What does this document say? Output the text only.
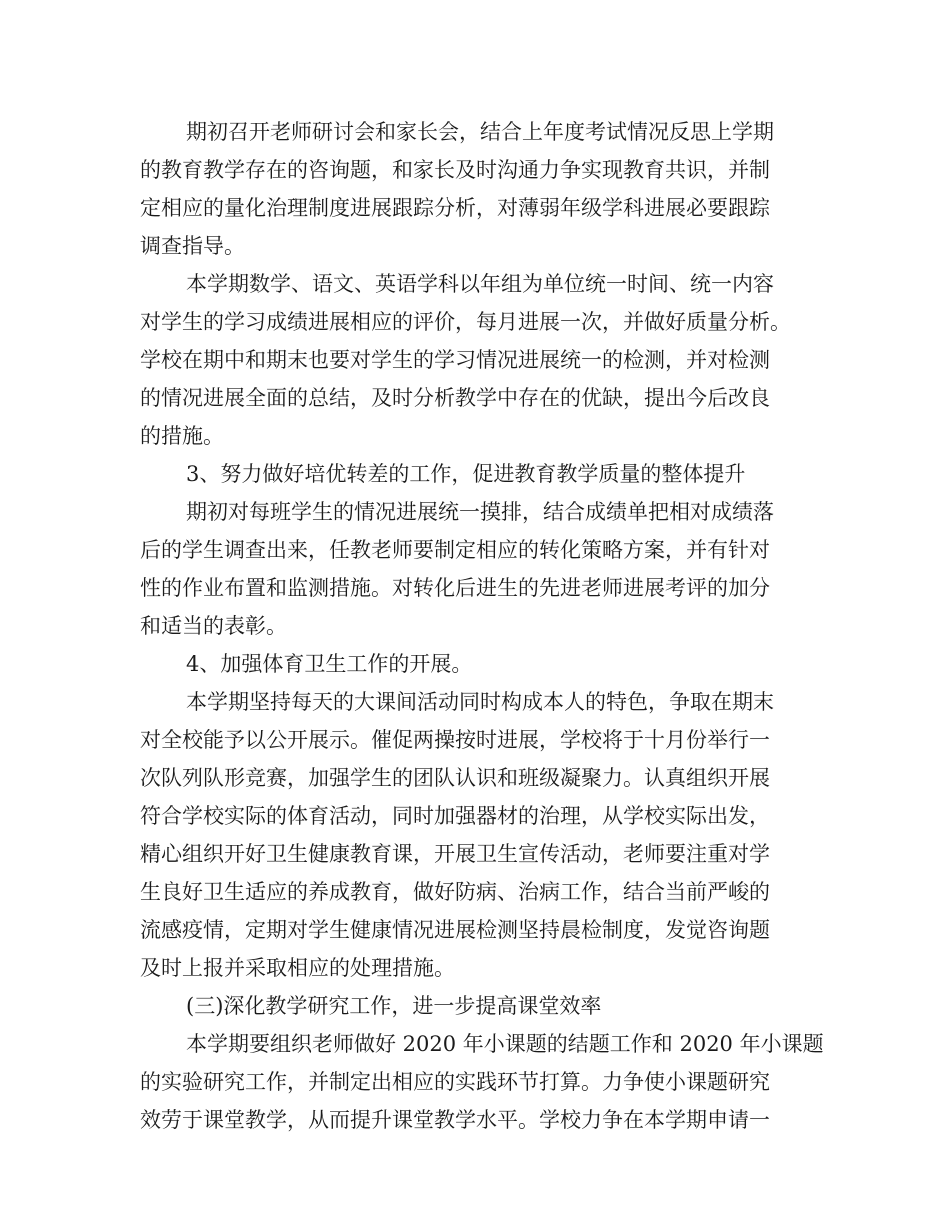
期初召开老师研讨会和家长会，结合上年度考试情况反思上学期
的教育教学存在的咨询题，和家长及时沟通力争实现教育共识，并制
定相应的量化治理制度进展跟踪分析，对薄弱年级学科进展必要跟踪
调查指导。
本学期数学、语文、英语学科以年组为单位统一时间、统一内容
对学生的学习成绩进展相应的评价，每月进展一次，并做好质量分析。
学校在期中和期末也要对学生的学习情况进展统一的检测，并对检测
的情况进展全面的总结，及时分析教学中存在的优缺，提出今后改良
的措施。
3、努力做好培优转差的工作，促进教育教学质量的整体提升
期初对每班学生的情况进展统一摸排，结合成绩单把相对成绩落
后的学生调查出来，任教老师要制定相应的转化策略方案，并有针对
性的作业布置和监测措施。对转化后进生的先进老师进展考评的加分
和适当的表彰。
4、加强体育卫生工作的开展。
本学期坚持每天的大课间活动同时构成本人的特色，争取在期末
对全校能予以公开展示。催促两操按时进展，学校将于十月份举行一
次队列队形竞赛，加强学生的团队认识和班级凝聚力。认真组织开展
符合学校实际的体育活动，同时加强器材的治理，从学校实际出发，
精心组织开好卫生健康教育课，开展卫生宣传活动，老师要注重对学
生良好卫生适应的养成教育，做好防病、治病工作，结合当前严峻的
流感疫情，定期对学生健康情况进展检测坚持晨检制度，发觉咨询题
及时上报并采取相应的处理措施。
(三)深化教学研究工作，进一步提高课堂效率
本学期要组织老师做好 2020 年小课题的结题工作和 2020 年小课题
的实验研究工作，并制定出相应的实践环节打算。力争使小课题研究
效劳于课堂教学，从而提升课堂教学水平。学校力争在本学期申请一
